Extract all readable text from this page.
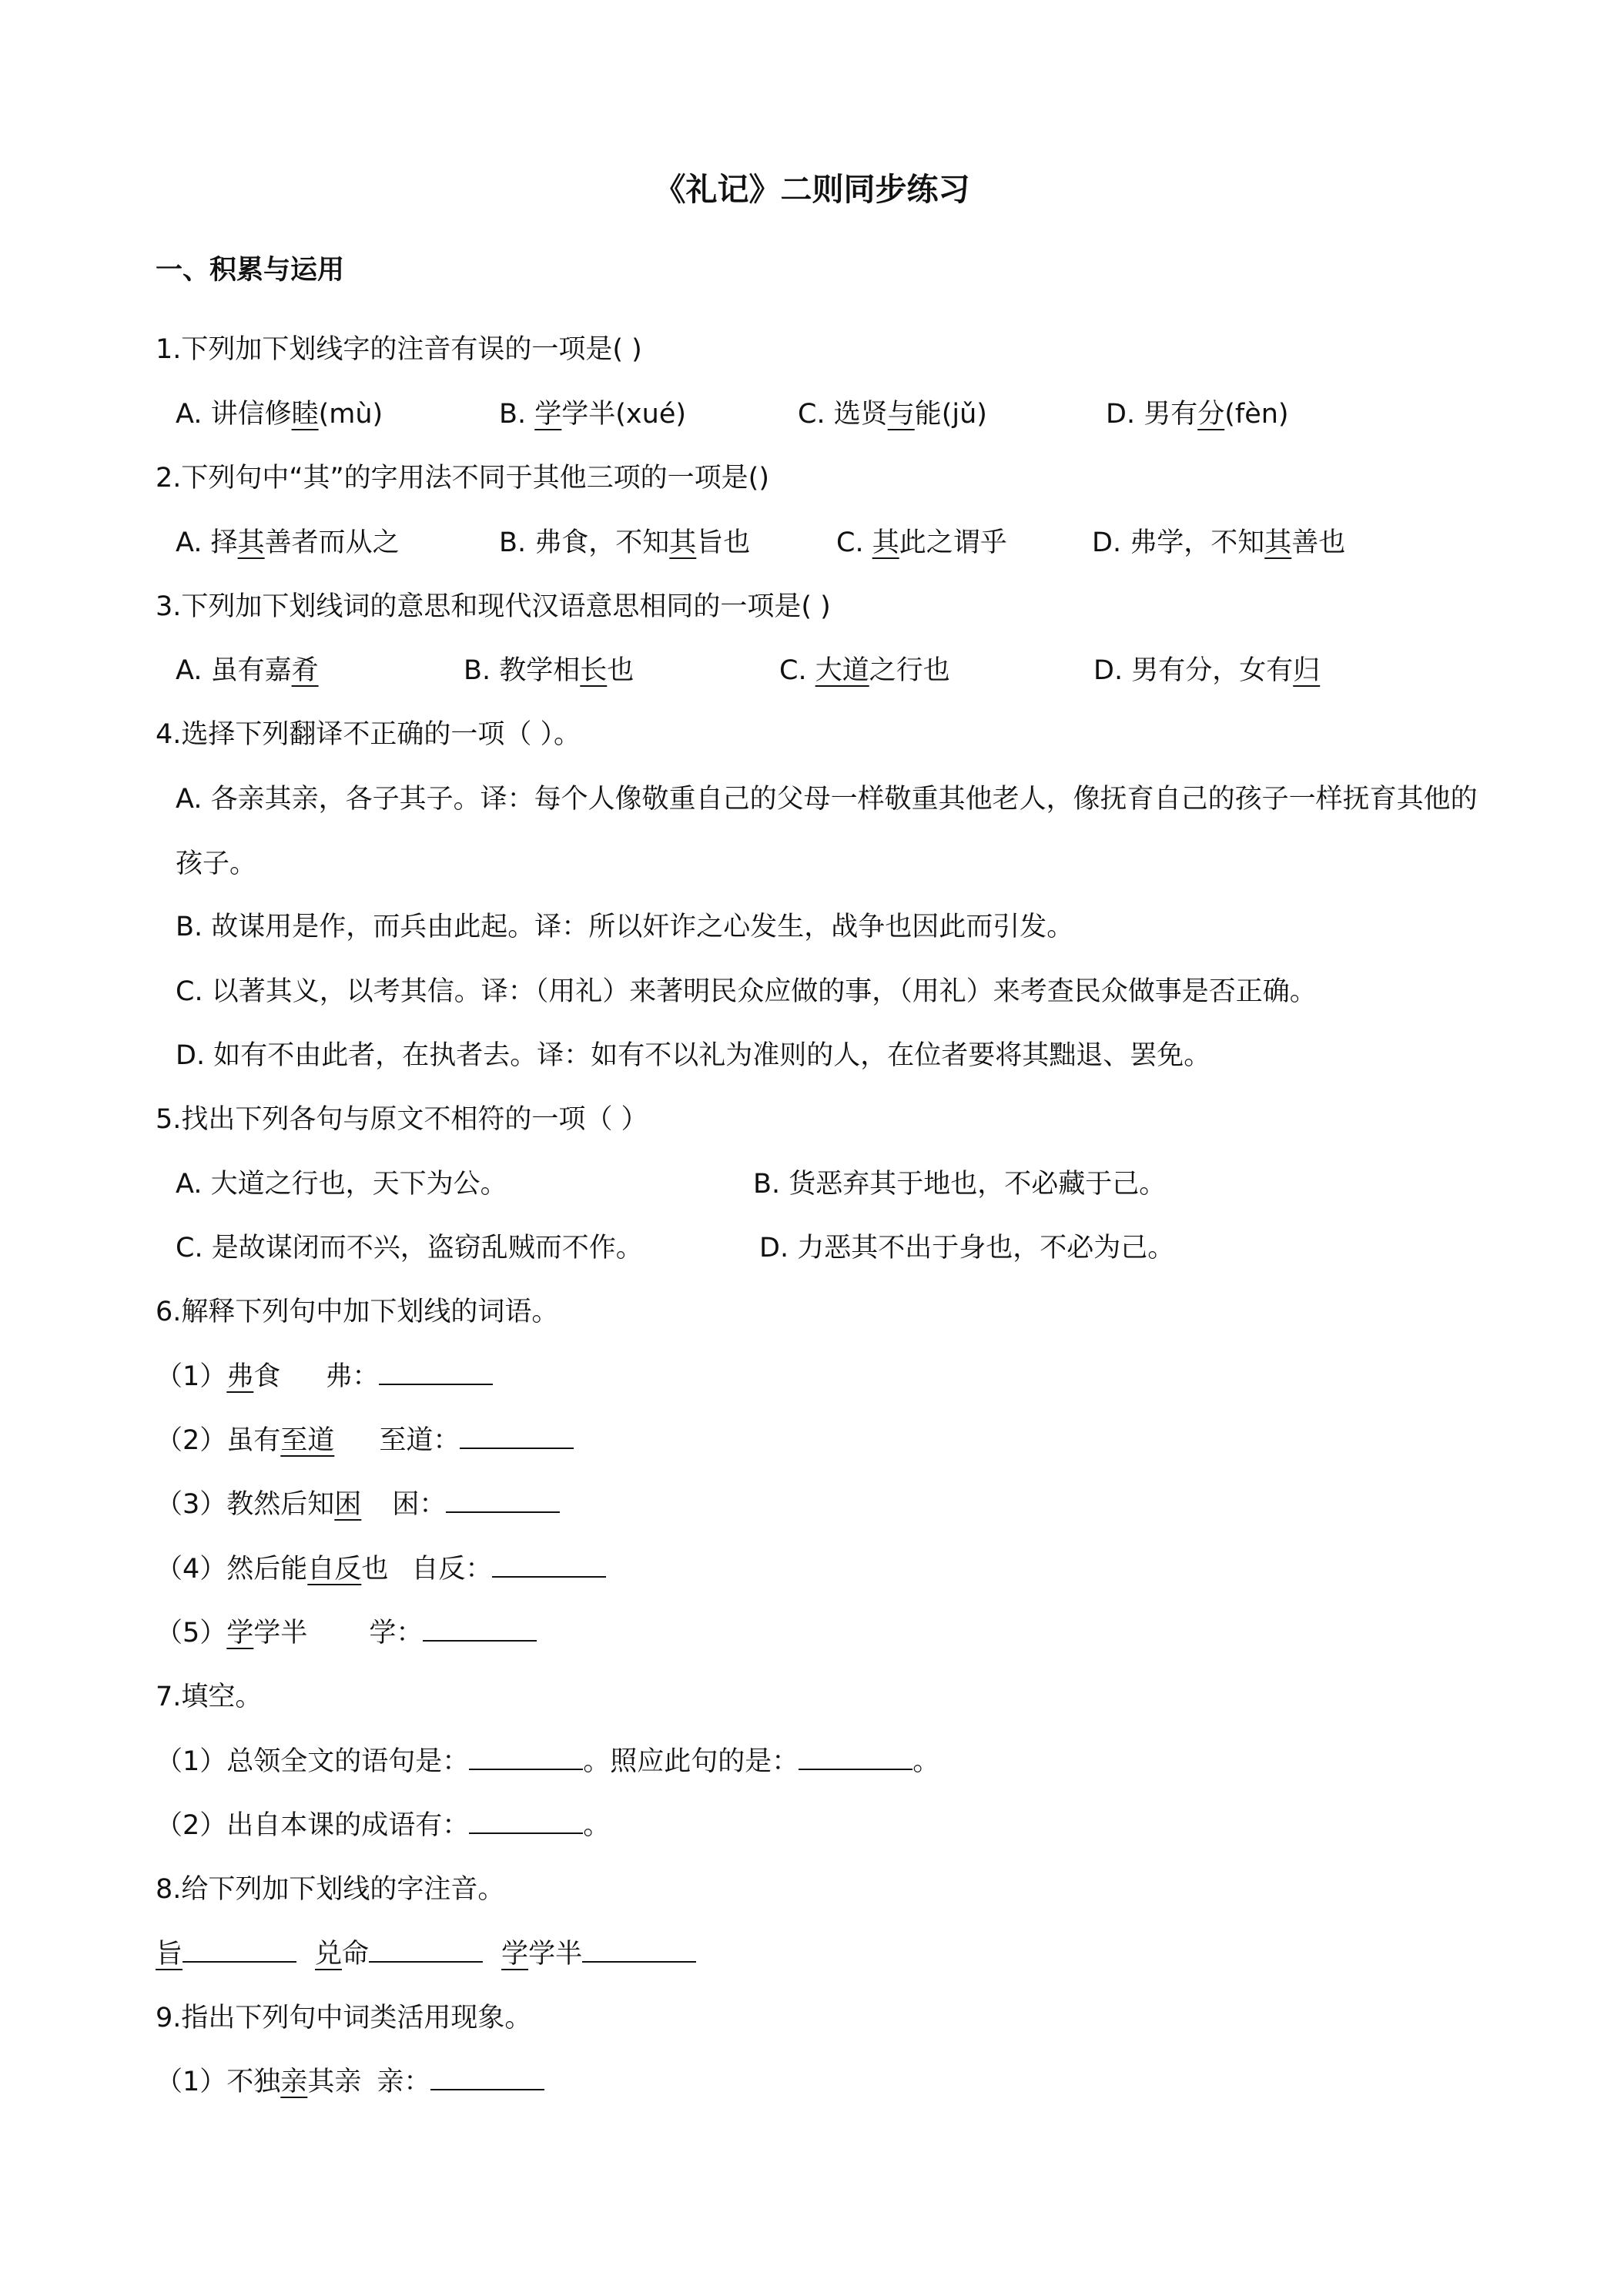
《礼记》二则同步练习
一、积累与运用
1.下列加下划线字的注音有误的一项是( )
A. 讲信修睦(mù)	B. 学学半(xué)	C. 选贤与能(jǔ)	D. 男有分(fèn)
2.下列句中“其”的字用法不同于其他三项的一项是()
A. 择其善者而从之	B. 弗食，不知其旨也	C. 其此之谓乎	D. 弗学，不知其善也
3.下列加下划线词的意思和现代汉语意思相同的一项是( )
A. 虽有嘉肴	B. 教学相长也	C. 大道之行也	D. 男有分，女有归
4.选择下列翻译不正确的一项（ ）。
A. 各亲其亲，各子其子。译：每个人像敬重自己的父母一样敬重其他老人，像抚育自己的孩子一样抚育其他的孩子。
B. 故谋用是作，而兵由此起。译：所以奸诈之心发生，战争也因此而引发。
C. 以著其义，以考其信。译：（用礼）来著明民众应做的事，（用礼）来考查民众做事是否正确。
D. 如有不由此者，在执者去。译：如有不以礼为准则的人，在位者要将其黜退、罢免。
5.找出下列各句与原文不相符的一项（ ）
A. 大道之行也，天下为公。	B. 货恶弃其于地也，不必藏于己。
C. 是故谋闭而不兴，盗窃乱贼而不作。	D. 力恶其不出于身也，不必为己。
6.解释下列句中加下划线的词语。
（1）弗食 弗：
（2）虽有至道 至道：
（3）教然后知困 困：
（4）然后能自反也 自反：
（5）学学半 学：
7.填空。
（1）总领全文的语句是：	。照应此句的是：	。
（2）出自本课的成语有：	。
8.给下列加下划线的字注音。
旨	兑命	学学半
9.指出下列句中词类活用现象。
（1）不独亲其亲 亲：
